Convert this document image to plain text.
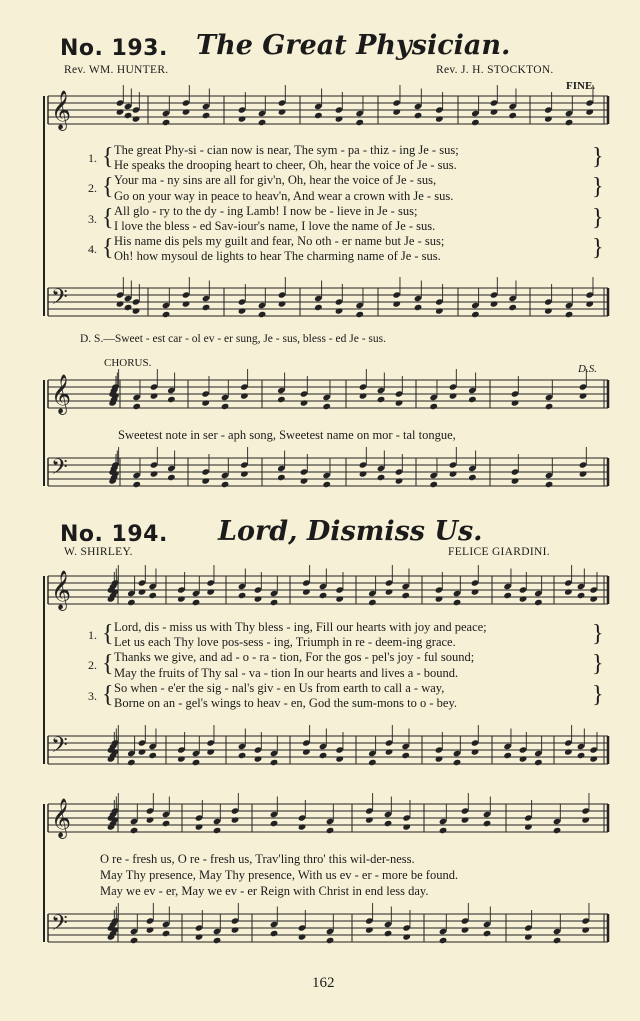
No. 193. The Great Physician.
Rev. WM. HUNTER.	Rev. J. H. STOCKTON.
FINE.
𝄞
𝄢
𝄞
𝄢
𝄞
𝄢
𝄞
𝄢
1. {	}
The great Phy-si - cian now is near, The sym - pa - thiz - ing Je - sus;
He speaks the drooping heart to cheer, Oh, hear the voice of Je - sus.
2. {	}
Your ma - ny sins are all for giv'n, Oh, hear the voice of Je - sus,
Go on your way in peace to heav'n, And wear a crown with Je - sus.
3. {	}
All glo - ry to the dy - ing Lamb! I now be - lieve in Je - sus;
I love the bless - ed Sav-iour's name, I love the name of Je - sus.
4. {	}
His name dis pels my guilt and fear, No oth - er name but Je - sus;
Oh! how mysoul de lights to hear The charming name of Je - sus.
D. S.—Sweet - est car - ol ev - er sung, Je - sus, bless - ed Je - sus.
CHORUS.	D.S.
Sweetest note in ser - aph song, Sweetest name on mor - tal tongue,
No. 194. Lord, Dismiss Us.
W. SHIRLEY.	FELICE GIARDINI.
1. {	}
Lord, dis - miss us with Thy bless - ing, Fill our hearts with joy and peace;
Let us each Thy love pos-sess - ing, Triumph in re - deem-ing grace.
2. {	}
Thanks we give, and ad - o - ra - tion, For the gos - pel's joy - ful sound;
May the fruits of Thy sal - va - tion In our hearts and lives a - bound.
3. {	}
So when - e'er the sig - nal's giv - en Us from earth to call a - way,
Borne on an - gel's wings to heav - en, God the sum-mons to o - bey.
O re - fresh us, O re - fresh us, Trav'ling thro' this wil-der-ness.
May Thy presence, May Thy presence, With us ev - er - more be found.
May we ev - er, May we ev - er Reign with Christ in end less day.
162
